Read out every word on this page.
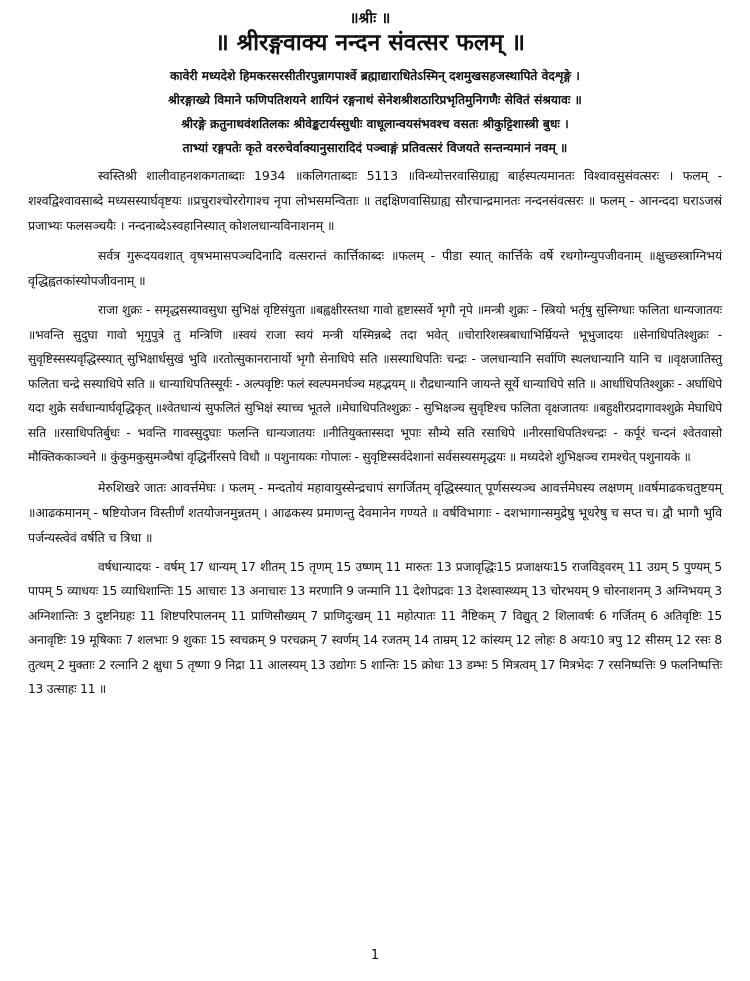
॥श्रीः ॥
॥ श्रीरङ्गवाक्य नन्दन संवत्सर फलम् ॥
कावेरी मध्यदेशे हिमकरसरसीतीरपुन्नागपार्श्वे ब्रह्माद्याराधितेऽस्मिन् दशमुखसहजस्थापिते वेदशृङ्गे ।
श्रीरङ्गाख्ये विमाने फणिपतिशयने शायिनं रङ्गनाथं सेनेशश्रीशठारिप्रभृतिमुनिगणैः सेवितं संश्रयावः ॥
श्रीरङ्गे क्रतुनाथवंशतिलकः श्रीवेङ्कटार्यस्सुधीः वाधूलान्वयसंभवश्च वसतः श्रीकुट्टिशास्त्री बुधः ।
ताभ्यां रङ्गपतेः कृते वररुचेर्वाक्यानुसारादिदं पञ्चाङ्गं प्रतिवत्सरं विजयते सन्तन्यमानं नवम् ॥

स्वस्तिश्री शालीवाहनशकगताब्दाः 1934 ॥कलिगताब्दाः 5113 ॥विन्ध्योत्तरवासिग्राह्य बार्हस्पत्यमानतः विश्वावसुसंवत्सरः । फलम् - शश्वद्विश्वावसाब्दे मध्यसस्यार्घवृष्टयः ॥प्रचुराश्चोररोगाश्च नृपा लोभसमन्विताः ॥ तद्दक्षिणवासिग्राह्य सौरचान्द्रमानतः नन्दनसंवत्सरः ॥ फलम् - आनन्ददा घराऽजस्रं प्रजाभ्यः फलसञ्चयैः । नन्दनाब्देऽस्वहानिस्यात् कोशलधान्यविनाशनम् ॥

सर्वत्र गुरूदयवशात् वृषभमासपञ्चदिनादि वत्सरान्तं कार्त्तिकाब्दः ॥फलम् - पीडा स्यात् कार्त्तिके वर्षे रथगोग्न्युपजीवनाम् ॥क्षुच्छस्त्राग्निभयं वृद्धिह्वतकांस्योपजीवनाम् ॥

राजा शुक्रः - समृद्धसस्यावसुधा सुभिक्षं वृष्टिसंयुता ॥बह्वक्षीरस्तथा गावो हृष्टास्सर्वे भृगौ नृपे ॥मन्त्री शुक्रः - स्त्रियो भर्तृषु सुस्निग्धाः फलिता धान्यजातयः ॥भवन्ति सुदुघा गावो भृगुपुत्रे तु मन्त्रिणि ॥स्वयं राजा स्वयं मन्त्री यस्मिन्नब्दे तदा भवेत् ॥चोरारिशस्त्रबाधाभिर्म्रियन्ते भूभुजादयः ॥सेनाधिपतिश्शुक्रः - सुवृष्टिस्सस्यवृद्धिस्स्यात् सुभिक्षार्धसुखं भुवि ॥रतोत्सुकानरानार्यो भृगौ सेनाधिपे सति ॥सस्याधिपतिः चन्द्रः - जलधान्यानि सर्वाणि स्थलधान्यानि यानि च ॥वृक्षजातिस्तु फलिता चन्द्रे सस्याधिपे सति ॥ धान्याधिपतिस्सूर्यः - अल्पवृष्टिः फलं स्वल्पमनर्घञ्च महद्भयम् ॥ रौद्रधान्यानि जायन्ते सूर्ये धान्याधिपे सति ॥ आर्धाधिपतिश्शुक्रः - अर्घाधिपे यदा शुक्रे सर्वधान्यार्घवृद्धिकृत् ॥श्वेतधान्यं सुफलितं सुभिक्षं स्याच्च भूतले ॥मेघाधिपतिश्शुक्रः - सुभिक्षञ्च सुवृष्टिश्च फलिता वृक्षजातयः ॥बहुक्षीरप्रदागावश्शुक्रे मेघाधिपे सति ॥रसाधिपतिर्बुधः - भवन्ति गावस्सुदुघाः फलन्ति धान्यजातयः ॥नीतियुक्तास्सदा भूपाः सौम्ये सति रसाधिपे ॥नीरसाधिपतिश्चन्द्रः - कर्पूरं चन्दनं श्वेतवासो मौक्तिककाञ्चने ॥ कुंकुमकुसुमञ्चैषां वृद्धिर्नीरसपे विधौ ॥ पशुनायकः गोपालः - सुवृष्टिस्सर्वदेशानां सर्वसस्यसमृद्धयः ॥ मध्यदेशे शुभिक्षञ्च रामश्चेत् पशुनायके ॥

मेरुशिखरे जातः आवर्त्तमेघः । फलम् - मन्दतोयं महावायुस्सेन्द्रचापं सगर्जितम् वृद्धिस्स्यात् पूर्णसस्यञ्च आवर्त्तमेघस्य लक्षणम् ॥वर्षमाढकचतुष्टयम् ॥आढकमानम् - षष्टियोजन विस्तीर्णं शतयोजनमुन्नतम् । आढकस्य प्रमाणन्तु देवमानेन गण्यते ॥ वर्षविभागाः - दशभागान्समुद्रेषु भूधरेषु च सप्त च। द्वौ भागौ भुवि पर्जन्यस्त्वेवं वर्षति च त्रिधा ॥

वर्षधान्यादयः - वर्षम् 17 धान्यम् 17 शीतम् 15 तृणम् 15 उष्णम् 11 मारुतः 13 प्रजावृद्धिः15 प्रजाक्षयः15 राजविड्वरम् 11 उग्रम् 5 पुण्यम् 5 पापम् 5 व्याधयः 15 व्याधिशान्तिः 15 आचारः 13 अनाचारः 13 मरणानि 9 जन्मानि 11 देशोपद्रवः 13 देशस्वास्थ्यम् 13 चोरभयम् 9 चोरनाशनम् 3 अग्निभयम् 3 अग्निशान्तिः 3 दुष्टनिग्रहः 11 शिष्टपरिपालनम् 11 प्राणिसौख्यम् 7 प्राणिदुःखम् 11 महोत्पातः 11 नैष्टिकम् 7 विद्युत् 2 शिलावर्षः 6 गर्जितम् 6 अतिवृष्टिः 15 अनावृष्टिः 19 मूषिकाः 7 शलभाः 9 शुकाः 15 स्वचक्रम् 9 परचक्रम् 7 स्वर्णम् 14 रजतम् 14 ताम्रम् 12 कांस्यम् 12 लोहः 8 अयः10 त्रपु 12 सीसम् 12 रसः 8 तुत्थम् 2 मुक्ताः 2 रत्नानि 2 क्षुधा 5 तृष्णा 9 निद्रा 11 आलस्यम् 13 उद्योगः 5 शान्तिः 15 क्रोधः 13 डम्भः 5 मित्रत्वम् 17 मित्रभेदः 7 रसनिष्पत्तिः 9 फलनिष्पत्तिः 13 उत्साहः 11 ॥

1
